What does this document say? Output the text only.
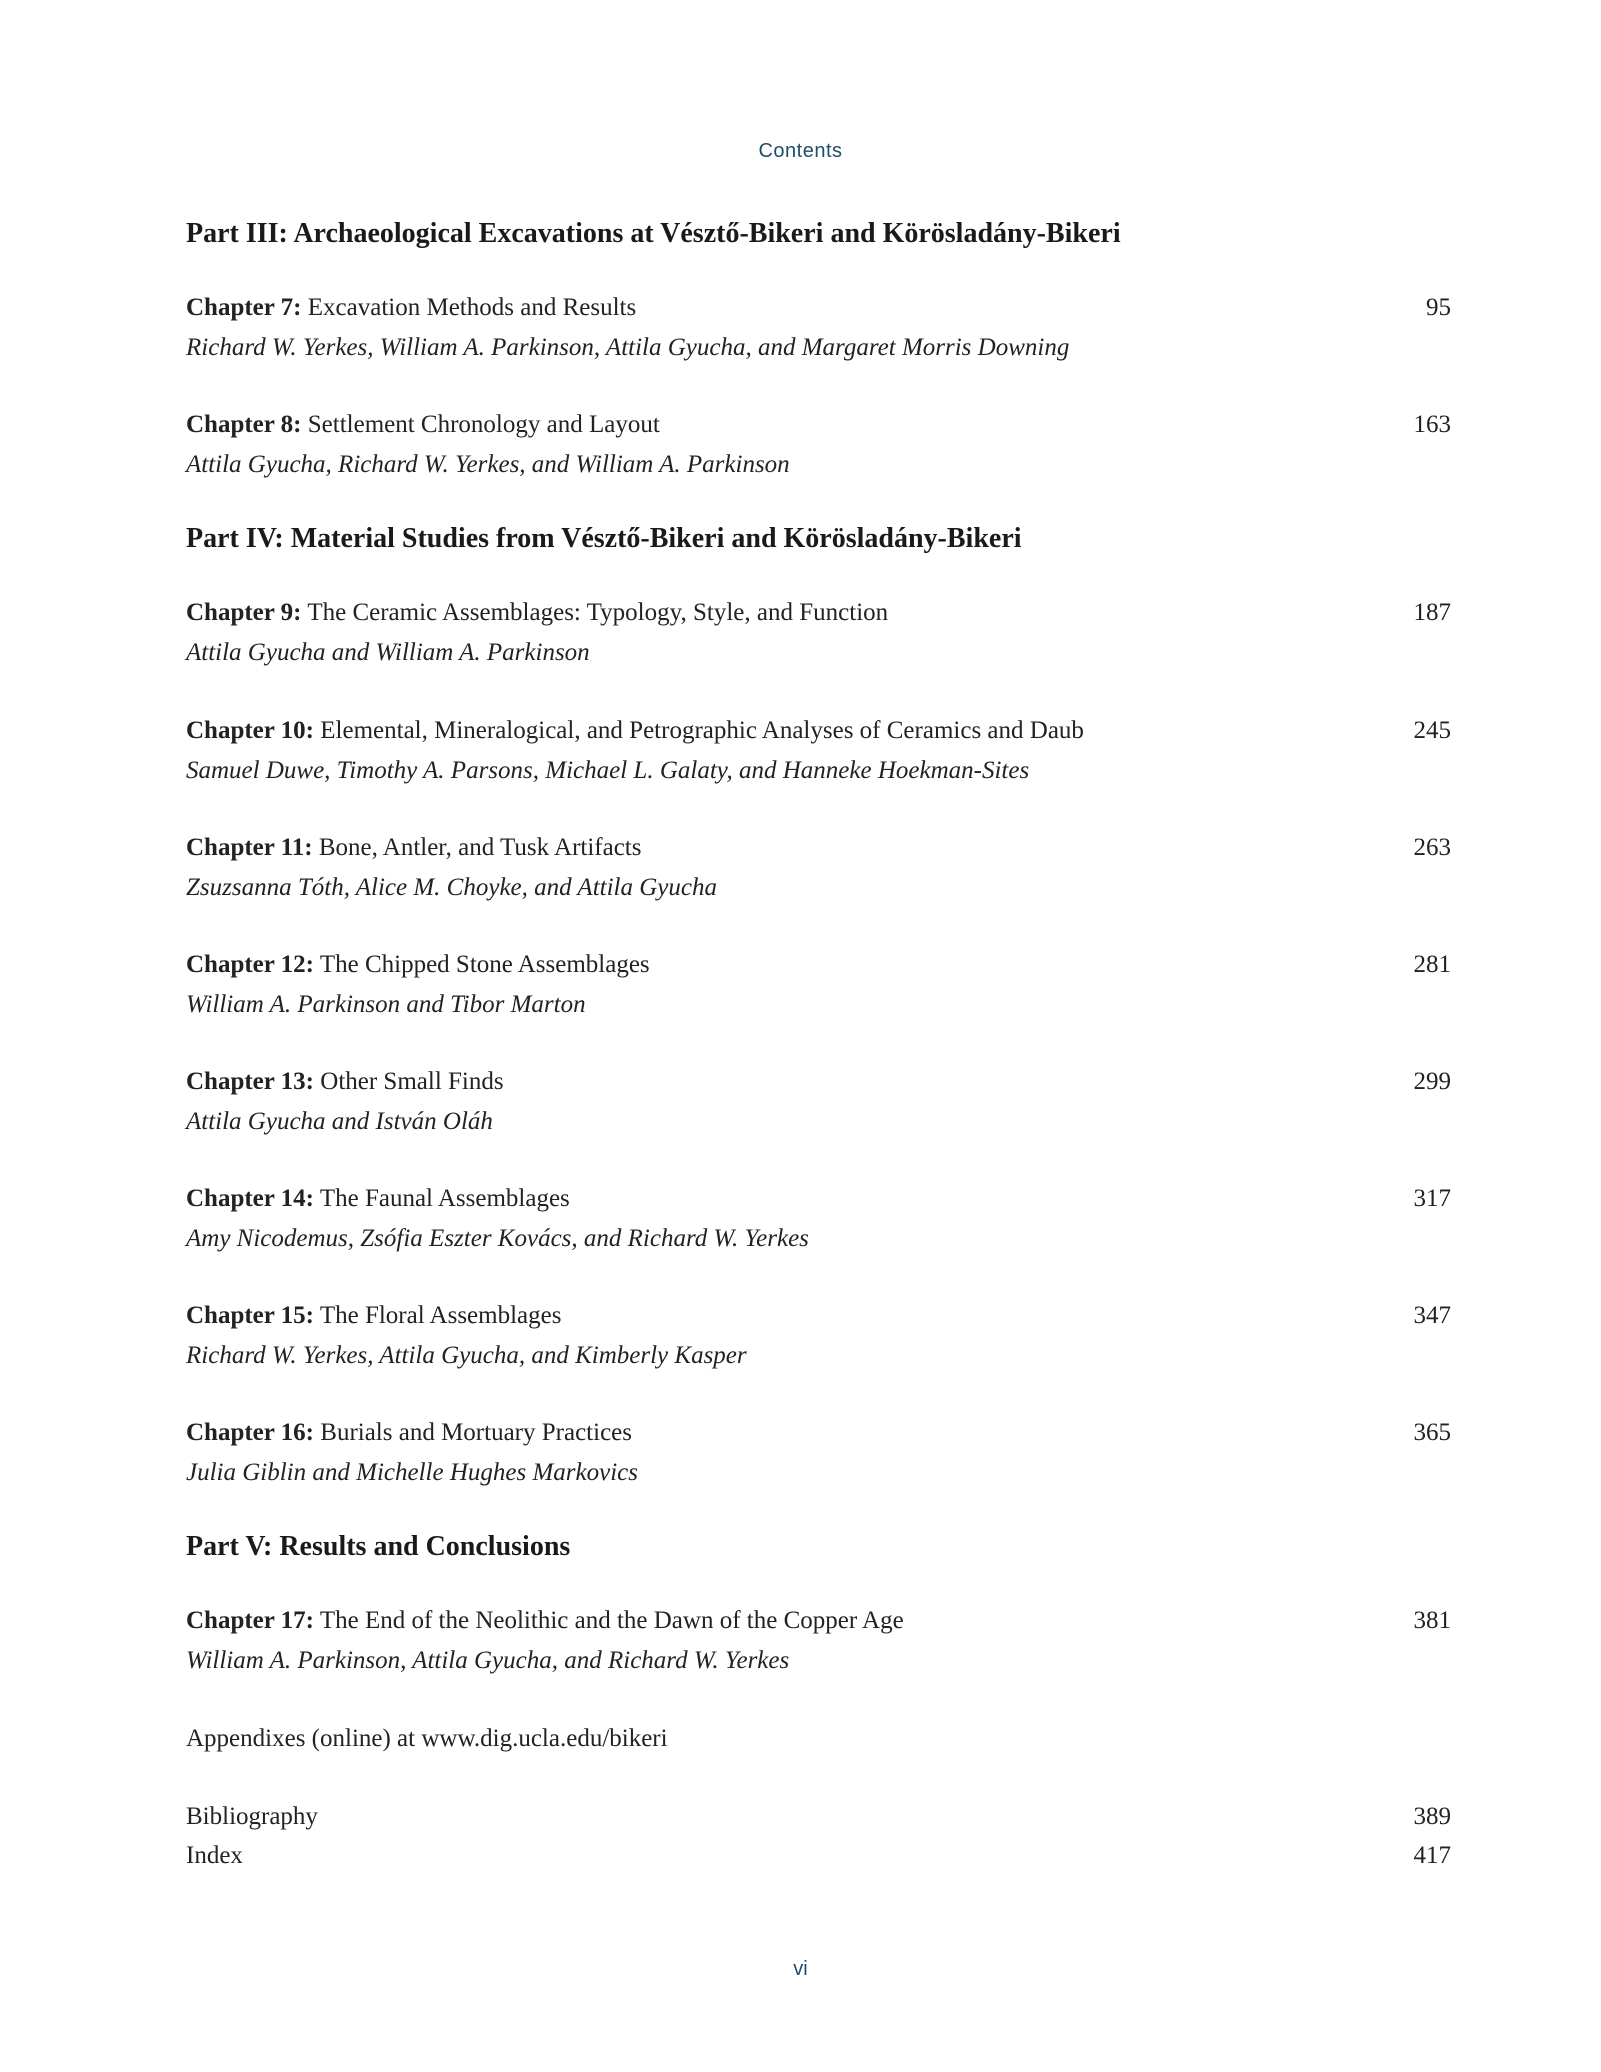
Contents
Part III: Archaeological Excavations at Vésztő-Bikeri and Körösladány-Bikeri
Chapter 7: Excavation Methods and Results	95
Richard W. Yerkes, William A. Parkinson, Attila Gyucha, and Margaret Morris Downing
Chapter 8: Settlement Chronology and Layout	163
Attila Gyucha, Richard W. Yerkes, and William A. Parkinson
Part IV: Material Studies from Vésztő-Bikeri and Körösladány-Bikeri
Chapter 9: The Ceramic Assemblages: Typology, Style, and Function	187
Attila Gyucha and William A. Parkinson
Chapter 10: Elemental, Mineralogical, and Petrographic Analyses of Ceramics and Daub	245
Samuel Duwe, Timothy A. Parsons, Michael L. Galaty, and Hanneke Hoekman-Sites
Chapter 11: Bone, Antler, and Tusk Artifacts	263
Zsuzsanna Tóth, Alice M. Choyke, and Attila Gyucha
Chapter 12: The Chipped Stone Assemblages	281
William A. Parkinson and Tibor Marton
Chapter 13: Other Small Finds	299
Attila Gyucha and István Oláh
Chapter 14: The Faunal Assemblages	317
Amy Nicodemus, Zsófia Eszter Kovács, and Richard W. Yerkes
Chapter 15: The Floral Assemblages	347
Richard W. Yerkes, Attila Gyucha, and Kimberly Kasper
Chapter 16: Burials and Mortuary Practices	365
Julia Giblin and Michelle Hughes Markovics
Part V: Results and Conclusions
Chapter 17: The End of the Neolithic and the Dawn of the Copper Age	381
William A. Parkinson, Attila Gyucha, and Richard W. Yerkes
Appendixes (online) at www.dig.ucla.edu/bikeri
Bibliography	389
Index	417
vi
